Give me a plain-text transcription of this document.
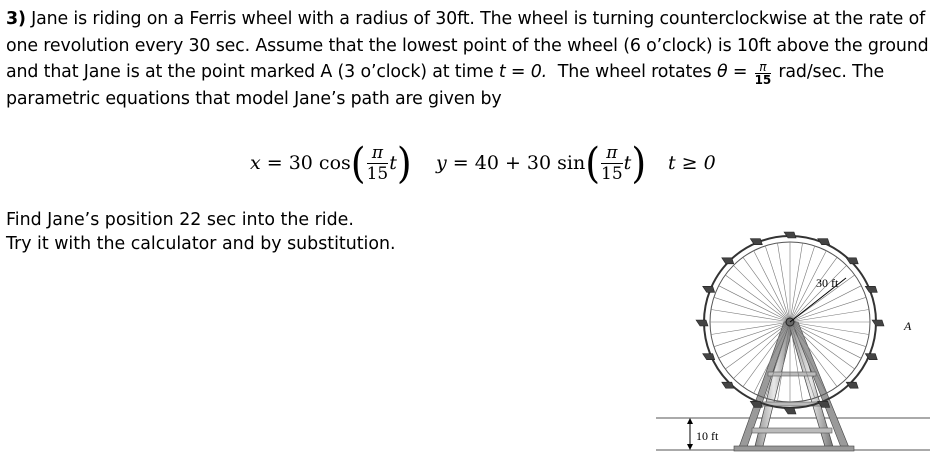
3) Jane is riding on a Ferris wheel with a radius of 30ft. The wheel is turning counterclockwise at the rate of
one revolution every 30 sec. Assume that the lowest point of the wheel (6 o’clock) is 10ft above the ground
and that Jane is at the point marked A (3 o’clock) at time t = 0.  The wheel rotates $\theta = \frac{\pi}{15} rad/\sec$. The
parametric equations that model Jane’s path are given by
x = 30 cos ( $\frac{\pi}{15}$ t ) y = 40 + 30 sin ( $\frac{\pi}{15}$ t ) t ≥ 0
Find Jane’s position 22 sec into the ride.
Try it with the calculator and by substitution.
10 ft
30 ft
A
